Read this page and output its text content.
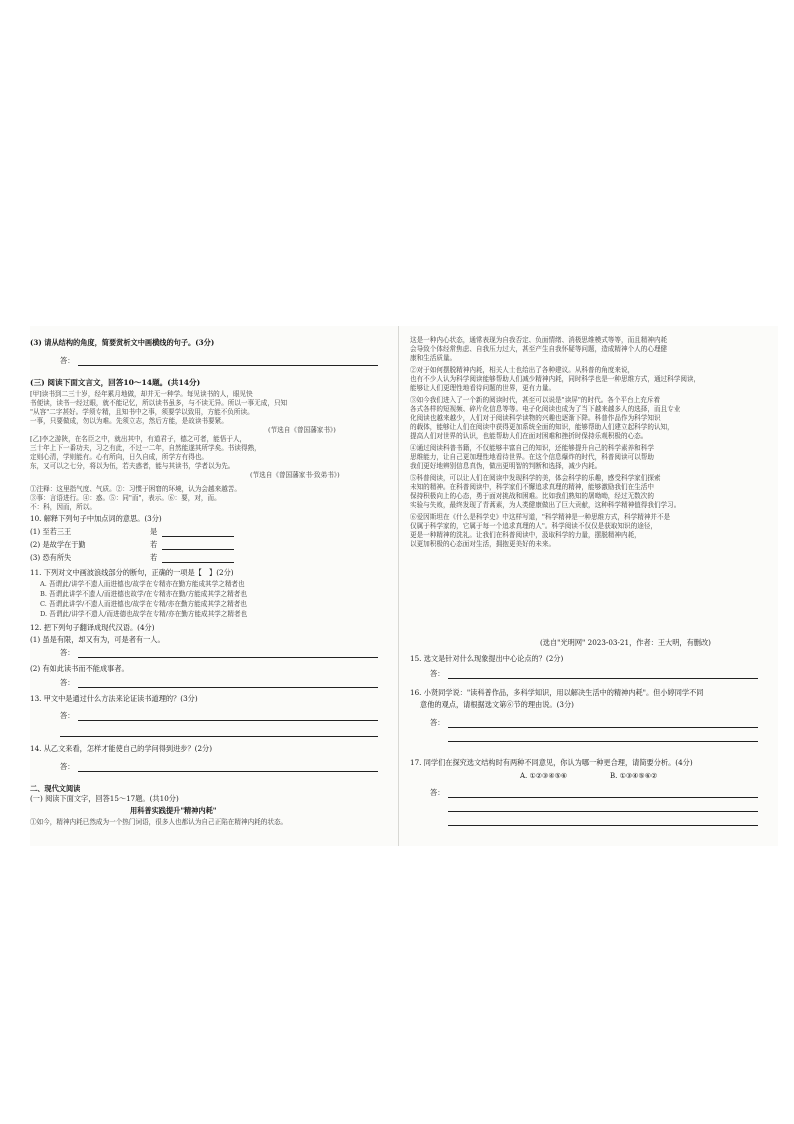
(3) 请从结构的角度，简要赏析文中画横线的句子。(3分)
答：
(三) 阅读下面文言文，回答10～14题。(共14分)
[甲]读书到二三十岁，经年累月地做，却并无一种学。每见读书的人，眼见快
书便读，读书一经过眼，就不能记忆，所以读书虽多，与不读无异。所以一事无成，只知
"从容"二字甚好。学须专精，且知书中之事，须要学以致用，方能不负所读。
一事，只要做成，勿以为难。先须立志，然后方能，是故读书要紧。
(节选自《曾国藩家书》)
[乙]李之游陕，在名臣之中，就出其中，有道君子，德之可者，能悟于人，
三十年上下一番功夫，习之有此，不过一二年，自然能遂其所学矣。书读得熟，
定则心清，学则能有。心有所向，日久自成，所学方有得也。
东，又可以之七分，将以为伍，若夫惑者，能与其读书，学者以为先。
(节选自《曾国藩家书·致弟书》)
①注释：这里指气度、气质。②：习惯于困窘的环境，认为会越来越苦。
③事：言语进行。④：惑。⑤：同"而"，表示。⑥：要，对，而。
不：科，因而，所以。
10. 解释下列句子中加点词的意思。(3分)
(1) 至若三王	是
(2) 是故学在于勤	若
(3) 恐有所失	若
11. 下列对文中画波浪线部分的断句，正确的一项是【　】(2分)
A. 吾谓此/讲学不遗人而进德也/故学在专精亦在勤方能成其学之精者也
B. 吾谓此讲学不遗人/而进德也故学/在专精亦在勤/方能成其学之精者也
C. 吾谓此讲学/不遗人而进德也/故学在专精/亦在勤方能成其学之精者也
D. 吾谓此/讲学不遗人/而进德也故学在专精/亦在勤方能成其学之精者也
12. 把下列句子翻译成现代汉语。(4分)
(1) 虽是有限，却又有为，可是者有一人。
答：
(2) 有如此读书而不能成事者。
答：
13. 甲文中是通过什么方法来论证读书道理的？(3分)
答：
14. 从乙文来看，怎样才能使自己的学问得到进步？(2分)
答：
二、现代文阅读
(一) 阅读下面文字，回答15～17题。(共10分)
用科普实践提升"精神内耗"
①如今，精神内耗已然成为一个热门词语，很多人也都认为自己正陷在精神内耗的状态。
这是一种内心状态，通常表现为自我否定、负面情绪、消极思维模式等等，而且精神内耗
会导致个体经常焦虑、自我压力过大，甚至产生自我怀疑等问题，造成精神个人的心理健
康和生活质量。
②对于如何摆脱精神内耗，相关人士也给出了各种建议。从科普的角度来说，
也有不少人认为科学阅读能够帮助人们减少精神内耗，同时科学也是一种思维方式，通过科学阅读，
能够让人们更理性地看待问题的世界，更有力量。
③如今我们进入了一个新的阅读时代，甚至可以说是"读屏"的时代。各个平台上充斥着
各式各样的短视频、碎片化信息等等。电子化阅读也成为了当下越来越多人的选择，而且专业
化阅读也越来越少，人们对于阅读科学读物的兴趣也逐渐下降。科普作品作为科学知识
的载体，能够让人们在阅读中获得更加系统全面的知识，能够帮助人们建立起科学的认知，
提高人们对世界的认识，也能帮助人们在面对困难和挫折时保持乐观积极的心态。
④通过阅读科普书籍，不仅能够丰富自己的知识，还能够提升自己的科学素养和科学
思维能力，让自己更加理性地看待世界。在这个信息爆炸的时代，科普阅读可以帮助
我们更好地辨别信息真伪，做出更明智的判断和选择，减少内耗。
⑤科普阅读，可以让人们在阅读中发现科学的美，体会科学的乐趣，感受科学家们探索
未知的精神。在科普阅读中，科学家们不懈追求真理的精神，能够激励我们在生活中
保持积极向上的心态，勇于面对挑战和困难。比如我们熟知的屠呦呦，经过无数次的
实验与失败，最终发现了青蒿素，为人类健康做出了巨大贡献，这种科学精神值得我们学习。
⑥爱因斯坦在《什么是科学史》中这样写道，"科学精神是一种思维方式，科学精神并不是
仅属于科学家的，它属于每一个追求真理的人"。科学阅读不仅仅是获取知识的途径，
更是一种精神的洗礼。让我们在科普阅读中，汲取科学的力量，摆脱精神内耗，
以更加积极的心态面对生活，拥抱更美好的未来。
(选自"光明网" 2023-03-21，作者：王大明，有删改)
15. 选文是针对什么现象提出中心论点的？(2分)
答：
16. 小贤同学说："读科普作品，多科学知识，用以解决生活中的精神内耗"。但小婷同学不同
意他的观点，请根据选文第⑥节的理由说。(3分)
答：
17. 同学们在探究选文结构时有两种不同意见，你认为哪一种更合理，请简要分析。(4分)
A. ①②③④⑤⑥	B. ①③④⑤⑥②
答：
